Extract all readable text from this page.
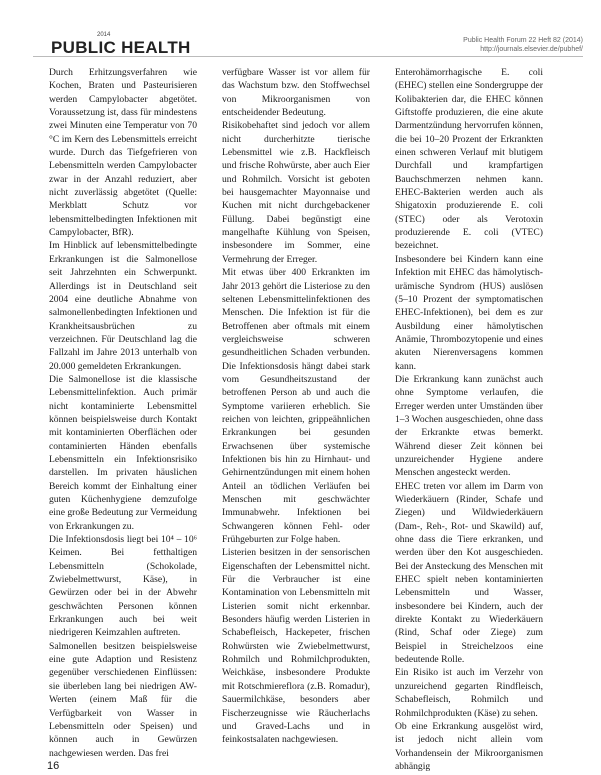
2014
PUBLIC HEALTH	Public Health Forum 22 Heft 82 (2014)
http://journals.elsevier.de/pubhef/

Durch Erhitzungsverfahren wie Kochen, Braten und Pasteurisieren werden Campylobacter abgetötet. Voraussetzung ist, dass für mindestens zwei Minuten eine Temperatur von 70 °C im Kern des Lebensmittels erreicht wurde. Durch das Tiefgefrieren von Lebensmitteln werden Campylobacter zwar in der Anzahl reduziert, aber nicht zuverlässig abgetötet (Quelle: Merkblatt Schutz vor lebensmittelbedingten Infektionen mit Campylobacter, BfR).

Im Hinblick auf lebensmittelbedingte Erkrankungen ist die Salmonellose seit Jahrzehnten ein Schwerpunkt. Allerdings ist in Deutschland seit 2004 eine deutliche Abnahme von salmonellenbedingten Infektionen und Krankheitsausbrüchen zu verzeichnen. Für Deutschland lag die Fallzahl im Jahre 2013 unterhalb von 20.000 gemeldeten Erkrankungen.

Die Salmonellose ist die klassische Lebensmittelinfektion. Auch primär nicht kontaminierte Lebensmittel können beispielsweise durch Kontakt mit kontaminierten Oberflächen oder contaminierten Händen ebenfalls Lebensmitteln ein Infektionsrisiko darstellen. Im privaten häuslichen Bereich kommt der Einhaltung einer guten Küchenhygiene demzufolge eine große Bedeutung zur Vermeidung von Erkrankungen zu.

Die Infektionsdosis liegt bei 10⁴ – 10⁶ Keimen. Bei fetthaltigen Lebensmitteln (Schokolade, Zwiebelmettwurst, Käse), in Gewürzen oder bei in der Abwehr geschwächten Personen können Erkrankungen auch bei weit niedrigeren Keimzahlen auftreten.

Salmonellen besitzen beispielsweise eine gute Adaption und Resistenz gegenüber verschiedenen Einflüssen: sie überleben lang bei niedrigen AW-Werten (einem Maß für die Verfügbarkeit von Wasser in Lebensmitteln oder Speisen) und können auch in Gewürzen nachgewiesen werden. Das frei

verfügbare Wasser ist vor allem für das Wachstum bzw. den Stoffwechsel von Mikroorganismen von entscheidender Bedeutung.

Risikobehaftet sind jedoch vor allem nicht durcherhitzte tierische Lebensmittel wie z.B. Hackfleisch und frische Rohwürste, aber auch Eier und Rohmilch. Vorsicht ist geboten bei hausgemachter Mayonnaise und Kuchen mit nicht durchgebackener Füllung. Dabei begünstigt eine mangelhafte Kühlung von Speisen, insbesondere im Sommer, eine Vermehrung der Erreger.

Mit etwas über 400 Erkrankten im Jahr 2013 gehört die Listeriose zu den seltenen Lebensmittelinfektionen des Menschen. Die Infektion ist für die Betroffenen aber oftmals mit einem vergleichsweise schweren gesundheitlichen Schaden verbunden. Die Infektionsdosis hängt dabei stark vom Gesundheitszustand der betroffenen Person ab und auch die Symptome variieren erheblich. Sie reichen von leichten, grippeähnlichen Erkrankungen bei gesunden Erwachsenen über systemische Infektionen bis hin zu Hirnhaut- und Gehirnentzündungen mit einem hohen Anteil an tödlichen Verläufen bei Menschen mit geschwächter Immunabwehr. Infektionen bei Schwangeren können Fehl- oder Frühgeburten zur Folge haben.

Listerien besitzen in der sensorischen Eigenschaften der Lebensmittel nicht. Für die Verbraucher ist eine Kontamination von Lebensmitteln mit Listerien somit nicht erkennbar. Besonders häufig werden Listerien in Schabefleisch, Hackepeter, frischen Rohwürsten wie Zwiebelmettwurst, Rohmilch und Rohmilchprodukten, Weichkäse, insbesondere Produkte mit Rotschmiereflora (z.B. Romadur), Sauermilchkäse, besonders aber Fischerzeugnisse wie Räucherlachs und Graved-Lachs und in feinkostsalaten nachgewiesen.

Enterohämorrhagische E. coli (EHEC) stellen eine Sondergruppe der Kolibakterien dar, die EHEC können Giftstoffe produzieren, die eine akute Darmentzündung hervorrufen können, die bei 10–20 Prozent der Erkrankten einen schweren Verlauf mit blutigem Durchfall und krampfartigen Bauchschmerzen nehmen kann. EHEC-Bakterien werden auch als Shigatoxin produzierende E. coli (STEC) oder als Verotoxin produzierende E. coli (VTEC) bezeichnet.

Insbesondere bei Kindern kann eine Infektion mit EHEC das hämolytisch-urämische Syndrom (HUS) auslösen (5–10 Prozent der symptomatischen EHEC-Infektionen), bei dem es zur Ausbildung einer hämolytischen Anämie, Thrombozytopenie und eines akuten Nierenversagens kommen kann.

Die Erkrankung kann zunächst auch ohne Symptome verlaufen, die Erreger werden unter Umständen über 1–3 Wochen ausgeschieden, ohne dass der Erkrankte etwas bemerkt. Während dieser Zeit können bei unzureichender Hygiene andere Menschen angesteckt werden.

EHEC treten vor allem im Darm von Wiederkäuern (Rinder, Schafe und Ziegen) und Wildwiederkäuern (Dam-, Reh-, Rot- und Skawild) auf, ohne dass die Tiere erkranken, und werden über den Kot ausgeschieden. Bei der Ansteckung des Menschen mit EHEC spielt neben kontaminierten Lebensmitteln und Wasser, insbesondere bei Kindern, auch der direkte Kontakt zu Wiederkäuern (Rind, Schaf oder Ziege) zum Beispiel in Streichelzoos eine bedeutende Rolle.

Ein Risiko ist auch im Verzehr von unzureichend gegarten Rindfleisch, Schabefleisch, Rohmilch und Rohmilchprodukten (Käse) zu sehen.

Ob eine Erkrankung ausgelöst wird, ist jedoch nicht allein vom Vorhandensein der Mikroorganismen abhängig

16
